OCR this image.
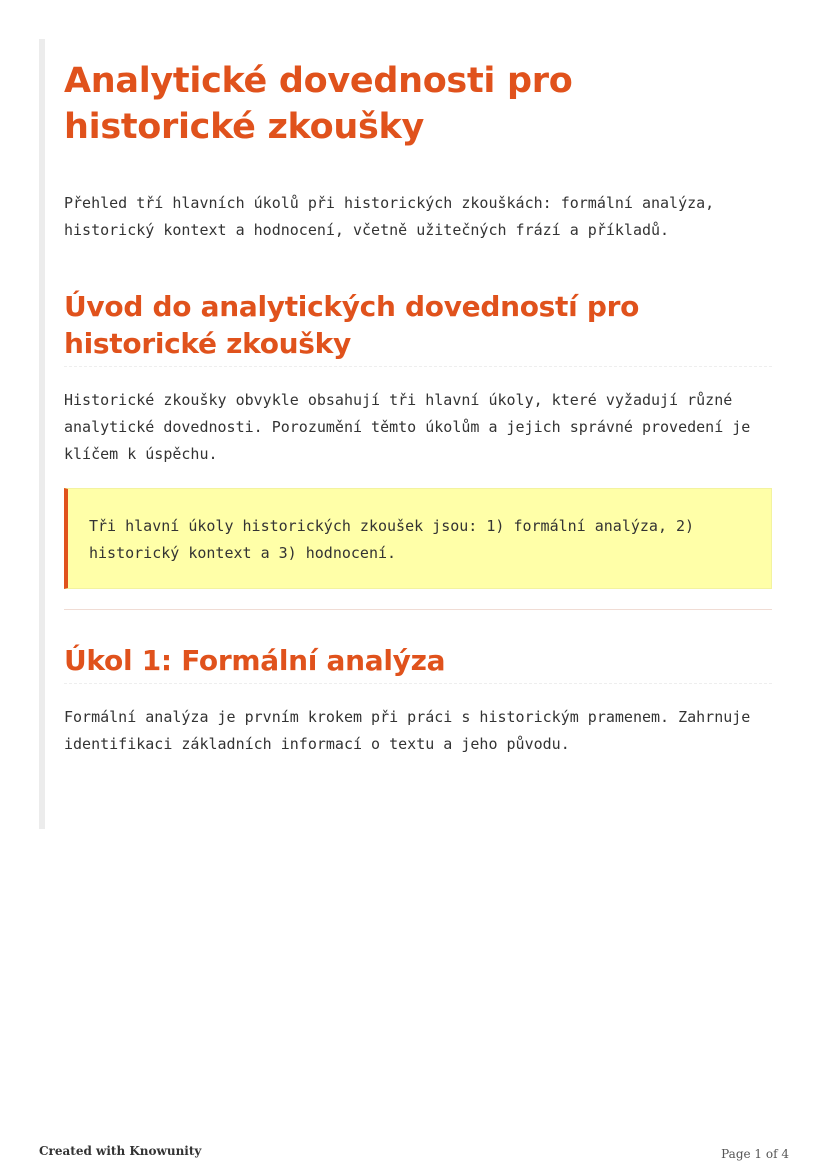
Analytické dovednosti pro historické zkoušky

Přehled tří hlavních úkolů při historických zkouškách: formální analýza, historický kontext a hodnocení, včetně užitečných frází a příkladů.

Úvod do analytických dovedností pro historické zkoušky

Historické zkoušky obvykle obsahují tři hlavní úkoly, které vyžadují různé analytické dovednosti. Porozumění těmto úkolům a jejich správné provedení je klíčem k úspěchu.

Tři hlavní úkoly historických zkoušek jsou: 1) formální analýza, 2) historický kontext a 3) hodnocení.
Úkol 1: Formální analýza

Formální analýza je prvním krokem při práci s historickým pramenem. Zahrnuje identifikaci základních informací o textu a jeho původu.

Created with Knowunity	Page 1 of 4
